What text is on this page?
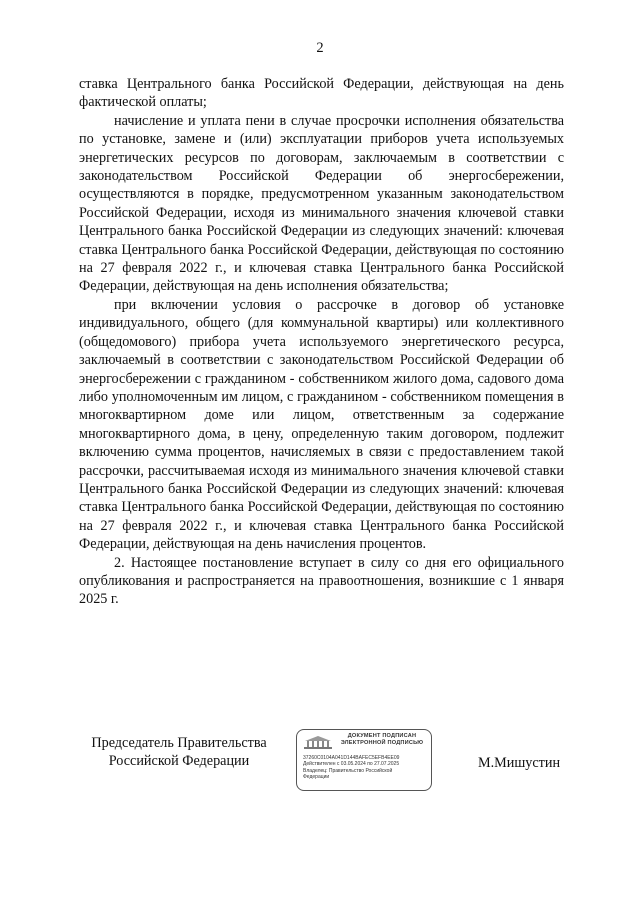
2

ставка Центрального банка Российской Федерации, действующая на день фактической оплаты;

начисление и уплата пени в случае просрочки исполнения обязательства по установке, замене и (или) эксплуатации приборов учета используемых энергетических ресурсов по договорам, заключаемым в соответствии с законодательством Российской Федерации об энергосбережении, осуществляются в порядке, предусмотренном указанным законодательством Российской Федерации, исходя из минимального значения ключевой ставки Центрального банка Российской Федерации из следующих значений: ключевая ставка Центрального банка Российской Федерации, действующая по состоянию на 27 февраля 2022 г., и ключевая ставка Центрального банка Российской Федерации, действующая на день исполнения обязательства;

при включении условия о рассрочке в договор об установке индивидуального, общего (для коммунальной квартиры) или коллективного (общедомового) прибора учета используемого энергетического ресурса, заключаемый в соответствии с законодательством Российской Федерации об энергосбережении с гражданином - собственником жилого дома, садового дома либо уполномоченным им лицом, с гражданином - собственником помещения в многоквартирном доме или лицом, ответственным за содержание многоквартирного дома, в цену, определенную таким договором, подлежит включению сумма процентов, начисляемых в связи с предоставлением такой рассрочки, рассчитываемая исходя из минимального значения ключевой ставки Центрального банка Российской Федерации из следующих значений: ключевая ставка Центрального банка Российской Федерации, действующая по состоянию на 27 февраля 2022 г., и ключевая ставка Центрального банка Российской Федерации, действующая на день начисления процентов.

2. Настоящее постановление вступает в силу со дня его официального опубликования и распространяется на правоотношения, возникшие с 1 января 2025 г.

Председатель Правительства
Российской Федерации
ДОКУМЕНТ ПОДПИСАН
ЭЛЕКТРОННОЙ ПОДПИСЬЮ
37260C0104A041D144BAFEC5EFB4EE09
Действителен с 03.05.2024 по 27.07.2025
Владелец: Правительство Российской
Федерации
М.Мишустин
